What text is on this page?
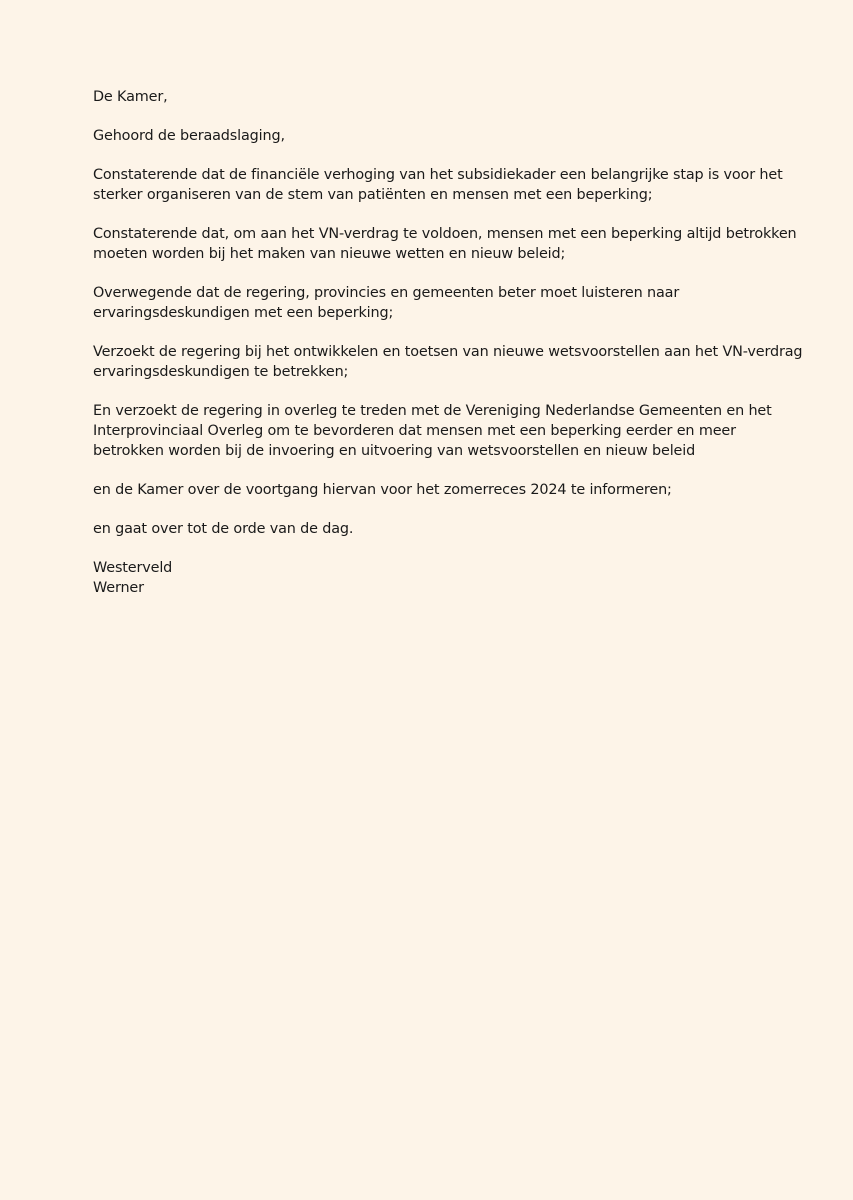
De Kamer,
Gehoord de beraadslaging,
Constaterende dat de financiële verhoging van het subsidiekader een belangrijke stap is voor het
sterker organiseren van de stem van patiënten en mensen met een beperking;
Constaterende dat, om aan het VN-verdrag te voldoen, mensen met een beperking altijd betrokken
moeten worden bij het maken van nieuwe wetten en nieuw beleid;
Overwegende dat de regering, provincies en gemeenten beter moet luisteren naar
ervaringsdeskundigen met een beperking;
Verzoekt de regering bij het ontwikkelen en toetsen van nieuwe wetsvoorstellen aan het VN-verdrag
ervaringsdeskundigen te betrekken;
En verzoekt de regering in overleg te treden met de Vereniging Nederlandse Gemeenten en het
Interprovinciaal Overleg om te bevorderen dat mensen met een beperking eerder en meer
betrokken worden bij de invoering en uitvoering van wetsvoorstellen en nieuw beleid
en de Kamer over de voortgang hiervan voor het zomerreces 2024 te informeren;
en gaat over tot de orde van de dag.
Westerveld
Werner
